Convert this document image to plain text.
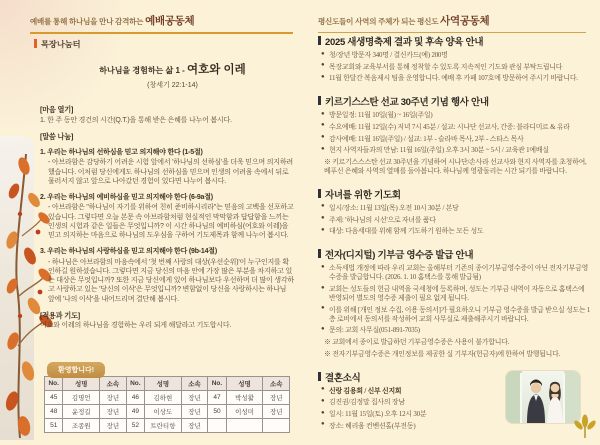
예배를 통해 하나님을 만나 감격하는 예배공동체
목장나눔터
하나님을 경험하는 삶 1 - 여호와 이레
(창세기 22:1-14)
[마음 열기]
1. 한 주 동안 경건의 시간(Q.T.)을 통해 받은 은혜를 나누어 봅시다.
[말씀 나눔]
1. 우리는 하나님의 선하심을 믿고 의지해야 한다 (1-5절)
- 아브라함은 감당하기 어려운 시험 앞에서 '하나님의 선하심'을 더욱 믿으며 의지하려 했습니다. 이처럼 당신에게도 하나님의 선하심을 믿으며 인생의 어려움 속에서 뒤로 물러서지 않고 앞으로 나아갔던 경험이 있다면 나누어 봅시다.
2. 우리는 하나님의 예비하심을 믿고 의지해야 한다 (6-9a절)
- 아브라함은 "하나님이 자기를 위하여 친히 준비하시리라"는 믿음의 고백을 선포하고 있습니다. 그렇다면 오늘 본문 속 아브라함처럼 현실적인 막막함과 답답함을 느끼는 인생의 시험과 같은 일들은 무엇입니까? 이 시간 하나님의 예비하심(여호와 이레)을 믿고 의지하는 마음으로 하나님의 도우심을 구하여 기도제목과 함께 나누어 봅시다.
3. 우리는 하나님의 사랑하심을 믿고 의지해야 한다 (9b-14절)
- 하나님은 아브라함의 마음속에서 '첫 번째 사랑의 대상(우선순위)'이 누구인지를 확인하길 원하셨습니다. 그렇다면 지금 당신의 마음 안에 가장 많은 부분을 차지하고 있는 대상은 무엇입니까? 또한 지금 당신에게 있어 하나님보다 우선하며 더 많이 생각하고 사랑하고 있는 '당신의 이삭'은 무엇입니까? 변함없이 당신을 사랑하시는 하나님 앞에 '나의 이삭'을 내어드리며 결단해 봅시다.
[적용과 기도]
여호와 이레의 하나님을 경험하는 우리 되게 해달라고 기도합시다.
환영합니다!
No.	성명	소속	No.	성명	소속	No.	성명	소속
45	김명언	장년	46	김하현	장년	47	박성활	장년
48	윤정길	장년	49	이상도	장년	50	이성미	장년
51	조종원	장년	52	트란티항	장년			
평신도들이 사역의 주체가 되는 평신도 사역공동체
2025 새생명축제 결과 및 후속 양육 안내
● 청/장년 방문자 340명 / 결신카드(예) 200명
● 목장교회와 교육부서를 통해 정착할 수 있도록 지속적인 기도와 관심 부탁드립니다
● 11월 한달간 복음제시 팀을 운영합니다. 예배 후 카페 107호에 방문하여 주시기 바랍니다.
키르기스스탄 선교 30주년 기념 행사 안내
● 방문일정: 11월 10일(월) ~ 16일(주일)
● 수요예배: 11월 12일(수) 저녁 7시 45분 / 설교: 시나단 선교사, 간증: 블라디미르 & 유라
● 감사예배: 11월 16일(주일) / 설교: 1부 - 슬라바 목사, 2부 - 스타스 목사
● 현지 사역자들과의 만남: 11월 16일(주일) 오후 3시 30분 ~ 5시 / 교육관 1예배실
※ 키르기스스스탄 선교 30주년을 기념하여 시나단/손사라 선교사와 현지 사역자를 초청하여, 베푸신 은혜와 사역의 열매를 돌아봅니다. 하나님께 영광돌리는 시간 되기를 바랍니다.
자녀를 위한 기도회
● 일시/장소: 11월 13일(목) 오전 10시 30분 / 본당
● 주제: '하나님의 시선'으로 자녀를 품다
● 대상: 다음세대를 위해 함께 기도하기 원하는 모든 성도
전자(디지털) 기부금 영수증 발급 안내
● 소득세법 개정에 따라 우리 교회는 올해부터 기존의 종이기부금영수증이 아닌 전자기부금영수증을 발급합니다. (2026. 1. 10 홈택스를 통해 발급됨)
● 교회는 성도들의 헌금 내역을 국세청에 등록하며, 성도는 기부금 내역이 자동으로 홈택스에 반영되어 별도의 영수증 제출이 필요 없게 됩니다.
● 이를 위해 [개인 정보 수집, 이용 동의서]가 필요하오니 기부금 영수증을 발급 받으실 성도는 1층 로비에서 동의서를 작성하여 교회 사무실로 제출해주시기 바랍니다.
● 문의: 교회 사무실(051-891-7035)
※ 교회에서 종이로 발급하던 기부금영수증은 사용이 불가합니다.
※ 전자기부금영수증은 개인정보를 제공한 실 기부자(헌금자)에 한하여 발행됩니다.
결혼소식
● 신랑 김용희 / 신부 신지희
● 김진권/김정말 집사의 장남
● 일시: 11월 15일(토) 오후 12시 30분
● 장소: 헤리움 컨벤션홀(부전동)
